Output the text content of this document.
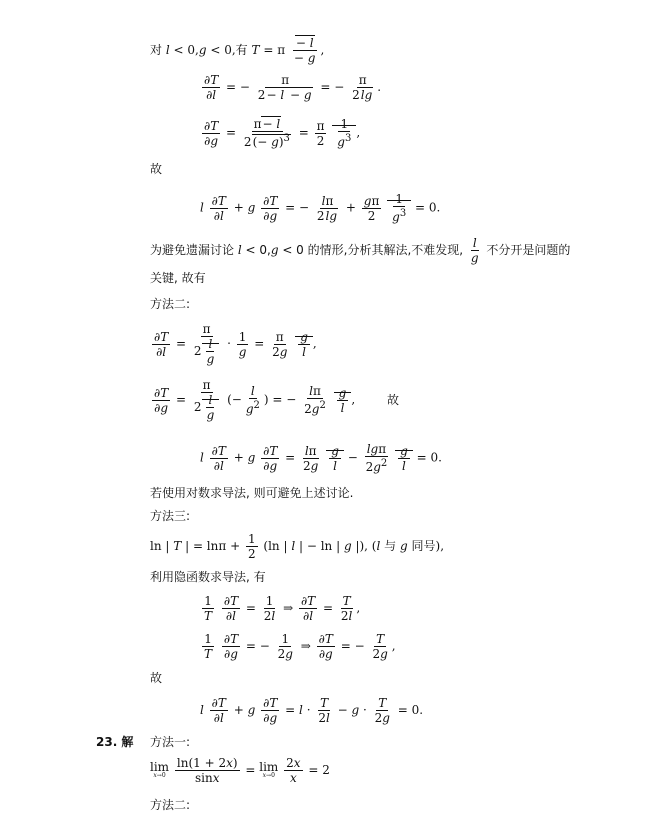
对 l < 0,g < 0,有 T = π $\frac{- l}{- g}$ ,
$\frac{\partial T}{\partial l}$ = − $\frac{\pi}{2- l - g}$ = − $\frac{\pi}{2\lg}$ .
$\frac{\partial T}{\partial g} = \frac{\pi- l}{2(- g)^3} = \frac{\pi}{2}$
$\frac{1}{g^3}$ ,
故
l $\frac{\partial T}{\partial l} + g \frac{\partial T}{\partial g}$ = − $\frac{l\pi}{2\lg} + \frac{g\pi}{2}$
$\frac{1}{g^3} = 0$.
为避免遗漏讨论 l < 0,g < 0 的情形,分析其解法,不难发现, $\frac{l}{g}$ 不分开是问题的
关键, 故有
方法二:
$\frac{\partial T}{\partial l} = \frac{\pi}{2 \frac{l}{g}} \cdot \frac{1}{g} = \frac{\pi}{2g}$
$\frac{g}{l}$ ,
$\frac{\partial T}{\partial g} = \frac{\pi}{2 \frac{l}{g}}$ (− $\frac{l}{g^2}$ ) = − $\frac{l\pi}{2g^2}$
$\frac{g}{l}$ , 故
l $\frac{\partial T}{\partial l} + g \frac{\partial T}{\partial g} = \frac{l\pi}{2g}$
$\frac{g}{l} - \frac{\lg\pi}{2g^2}$
$\frac{g}{l} = 0$.
若使用对数求导法, 则可避免上述讨论.
方法三:
ln | T | = $\ln\pi + \frac{1}{2} (\ln$ | l | − ln | g |), (l 与 g 同号),
利用隐函数求导法, 有
$\frac{1}{T}$
$\frac{\partial T}{\partial l} = \frac{1}{2l}$ ⇒ $\frac{\partial T}{\partial l} = \frac{T}{2l}$ ,
$\frac{1}{T}$
$\frac{\partial T}{\partial g}$ = − $\frac{1}{2g}$ ⇒ $\frac{\partial T}{\partial g}$ = − $\frac{T}{2g}$ ,
故
l $\frac{\partial T}{\partial l} + g \frac{\partial T}{\partial g} = l \cdot \frac{T}{2l} - g \cdot \frac{T}{2g} = 0$.
23. 解 方法一:
lim
x→0
$\frac{\ln(1 + 2x)}{\sin x} = \lim$
x→0
$\frac{2x}{x} = 2$
方法二:
